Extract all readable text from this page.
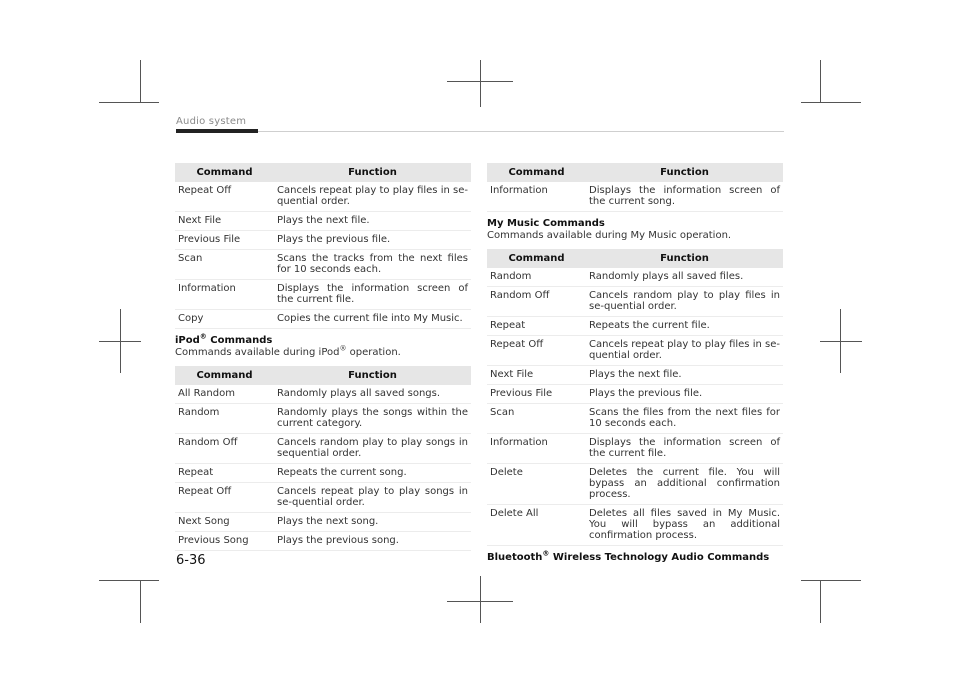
Audio system
Command	Function
Repeat Off	Cancels repeat play to play files in se-quential order.
Next File	Plays the next file.
Previous File	Plays the previous file.
Scan	Scans the tracks from the next files for 10 seconds each.
Information	Displays the information screen of the current file.
Copy	Copies the current file into My Music.
iPod® Commands
Commands available during iPod® operation.
Command	Function
All Random	Randomly plays all saved songs.
Random	Randomly plays the songs within the current category.
Random Off	Cancels random play to play songs in sequential order.
Repeat	Repeats the current song.
Repeat Off	Cancels repeat play to play songs in se-quential order.
Next Song	Plays the next song.
Previous Song	Plays the previous song.
Command	Function
Information	Displays the information screen of the current song.
My Music Commands
Commands available during My Music operation.
Command	Function
Random	Randomly plays all saved files.
Random Off	Cancels random play to play files in se-quential order.
Repeat	Repeats the current file.
Repeat Off	Cancels repeat play to play files in se-quential order.
Next File	Plays the next file.
Previous File	Plays the previous file.
Scan	Scans the files from the next files for 10 seconds each.
Information	Displays the information screen of the current file.
Delete	Deletes the current file. You will bypass an additional confirmation process.
Delete All	Deletes all files saved in My Music. You will bypass an additional confirmation process.
Bluetooth® Wireless Technology Audio Commands
6-36
